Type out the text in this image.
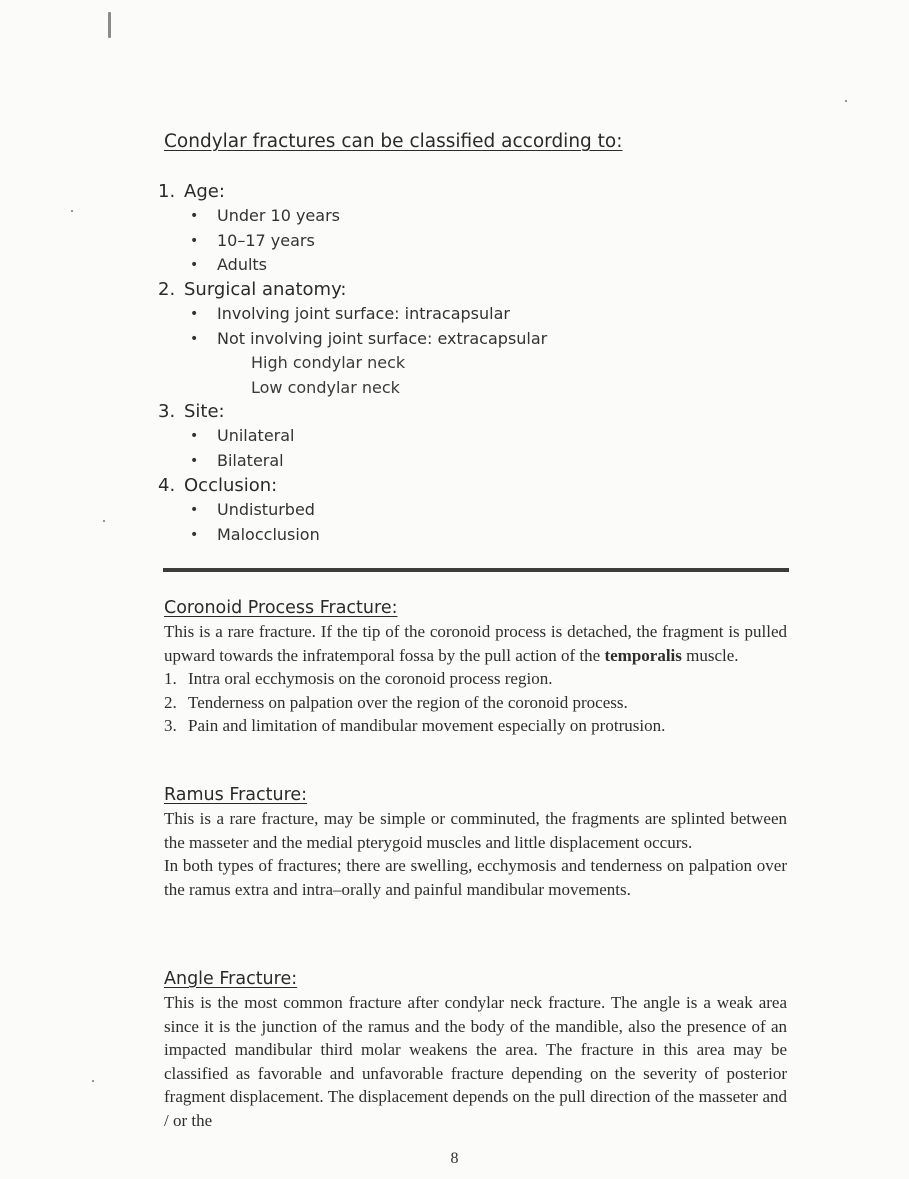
Condylar fractures can be classified according to:
1. Age:
• Under 10 years
• 10–17 years
• Adults
2. Surgical anatomy:
• Involving joint surface: intracapsular
• Not involving joint surface: extracapsular
High condylar neck
Low condylar neck
3. Site:
• Unilateral
• Bilateral
4. Occlusion:
• Undisturbed
• Malocclusion
Coronoid Process Fracture:

This is a rare fracture. If the tip of the coronoid process is detached, the fragment is pulled upward towards the infratemporal fossa by the pull action of the temporalis muscle.

1. Intra oral ecchymosis on the coronoid process region.
2. Tenderness on palpation over the region of the coronoid process.
3. Pain and limitation of mandibular movement especially on protrusion.
Ramus Fracture:

This is a rare fracture, may be simple or comminuted, the fragments are splinted between the masseter and the medial pterygoid muscles and little displacement occurs.

In both types of fractures; there are swelling, ecchymosis and tenderness on palpation over the ramus extra and intra–orally and painful mandibular movements.

Angle Fracture:

This is the most common fracture after condylar neck fracture. The angle is a weak area since it is the junction of the ramus and the body of the mandible, also the presence of an impacted mandibular third molar weakens the area. The fracture in this area may be classified as favorable and unfavorable fracture depending on the severity of posterior fragment displacement. The displacement depends on the pull direction of the masseter and / or the

8
